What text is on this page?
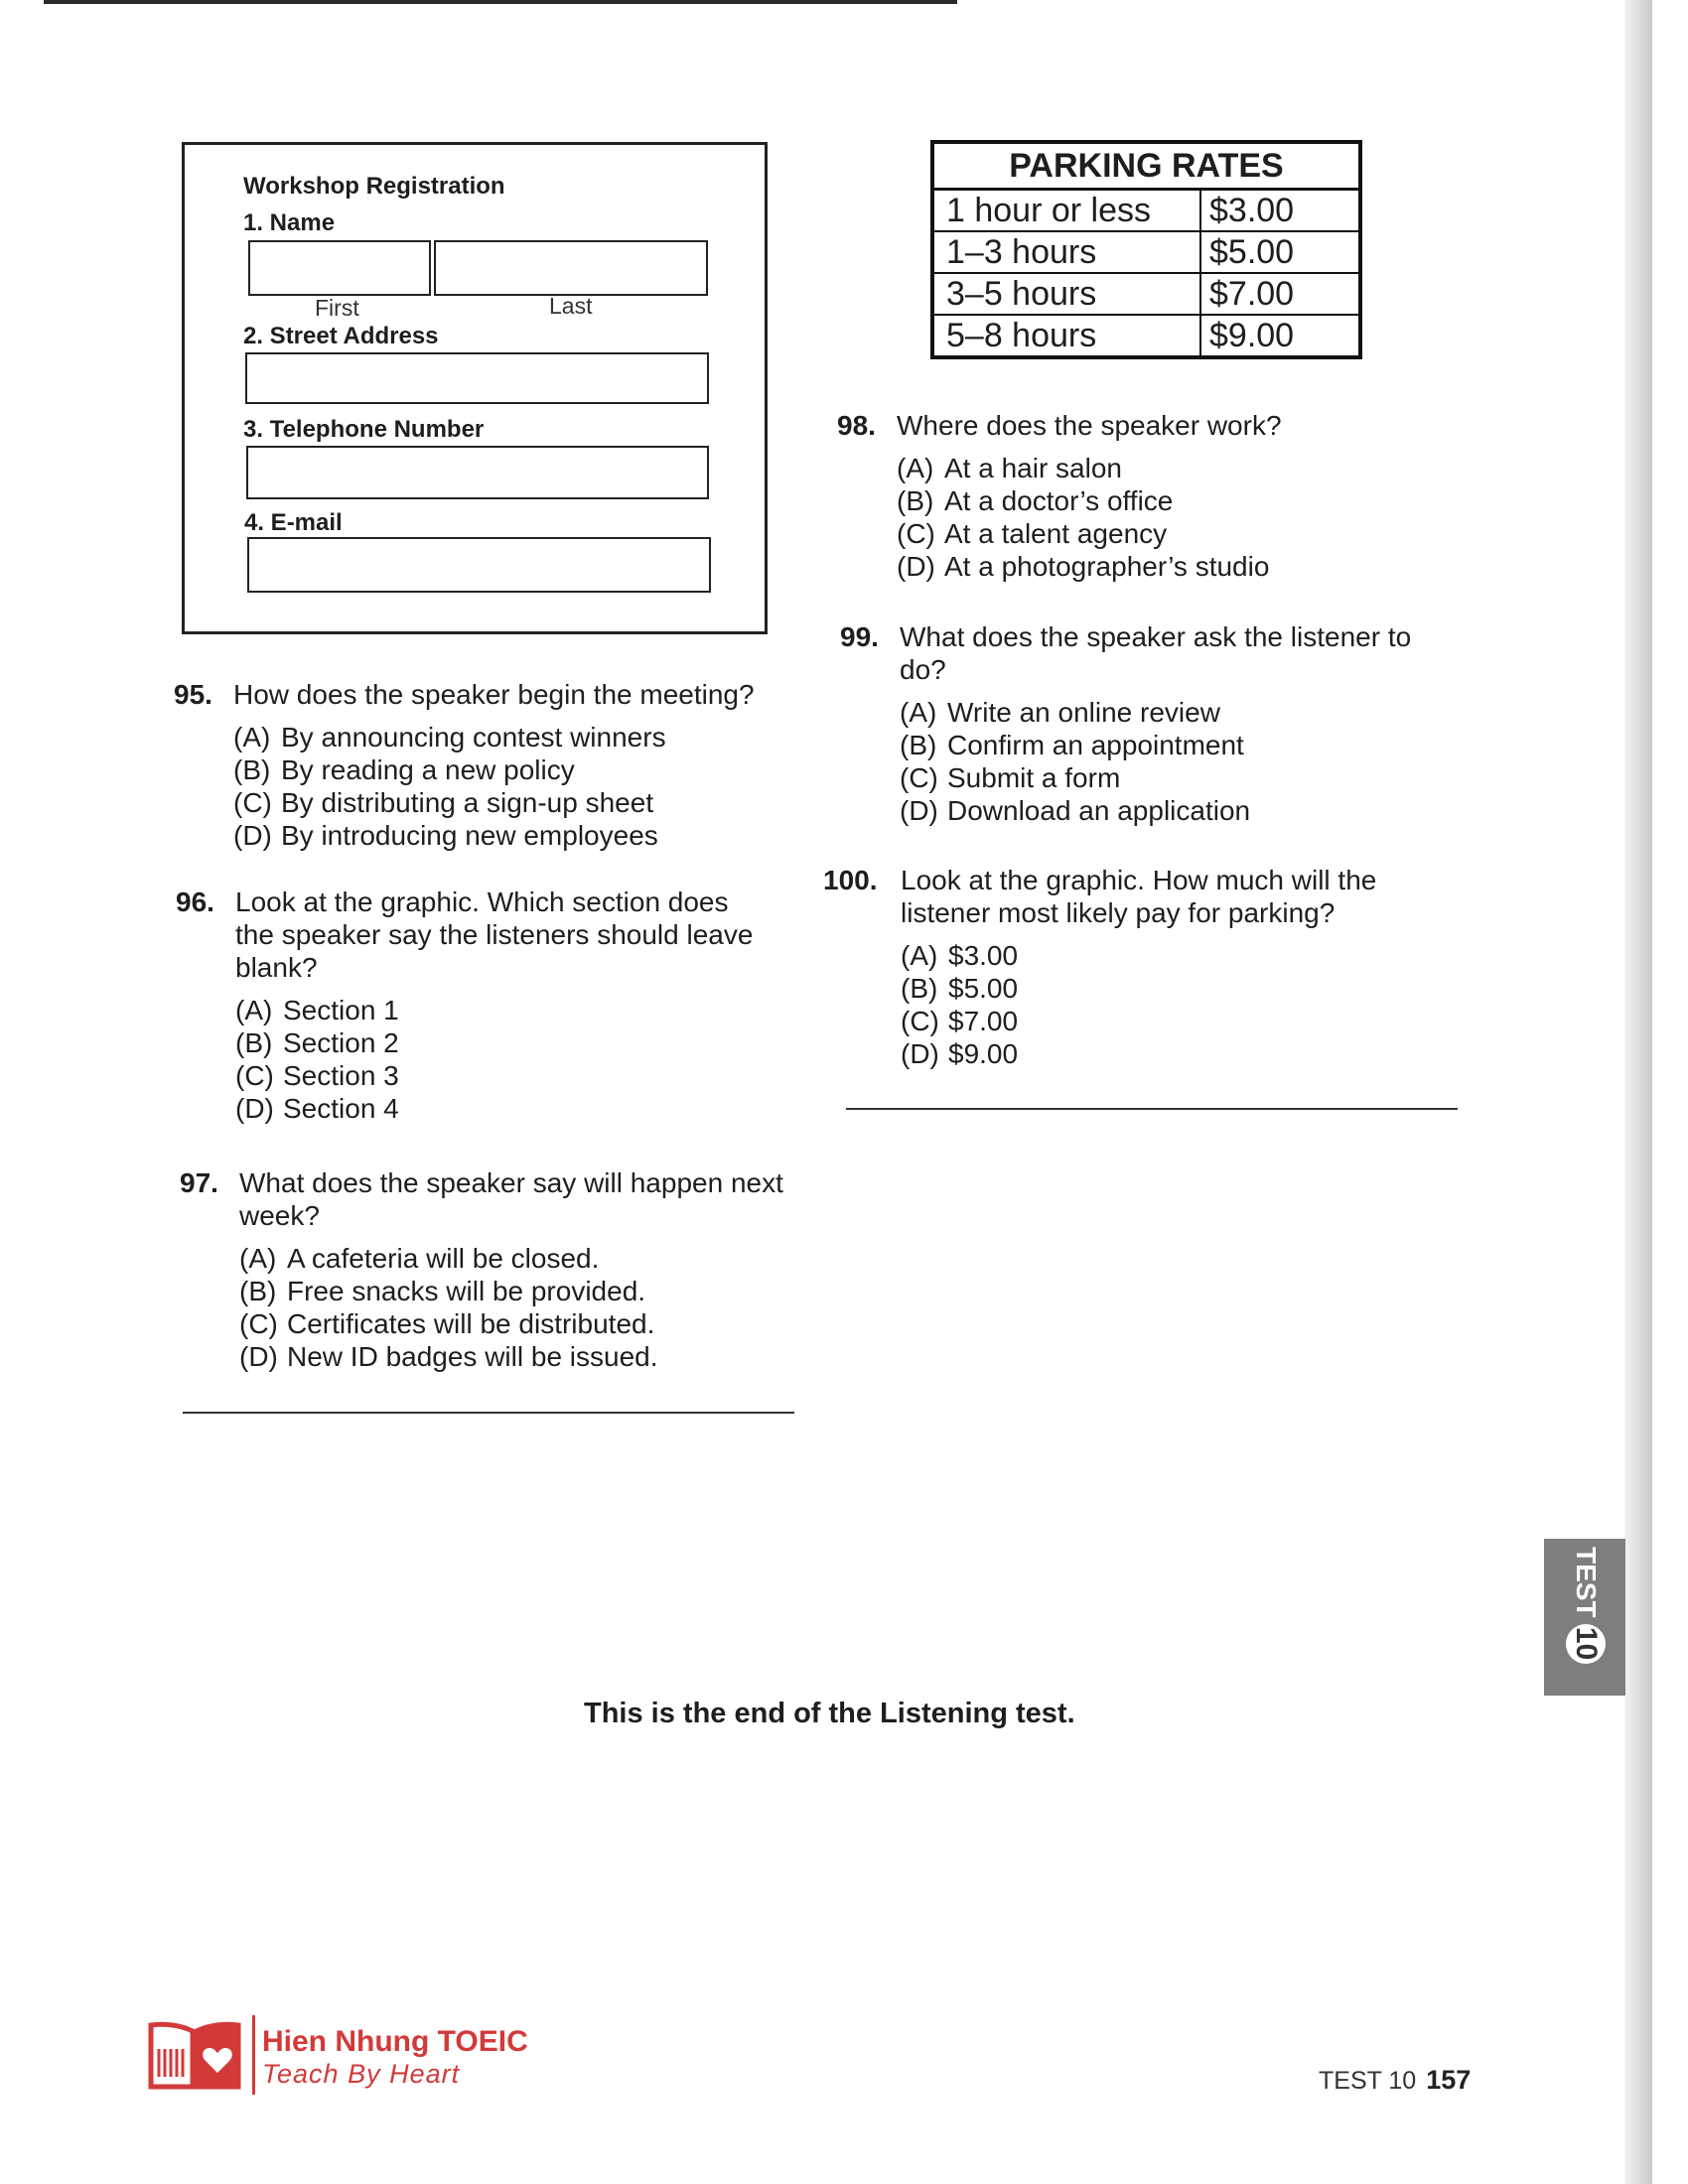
Workshop Registration
1. Name
First	Last
2. Street Address
3. Telephone Number
4. E-mail
PARKING RATES
1 hour or less	$3.00
1–3 hours	$5.00
3–5 hours	$7.00
5–8 hours	$9.00
95. How does the speaker begin the meeting?
(A) By announcing contest winners
(B) By reading a new policy
(C) By distributing a sign-up sheet
(D) By introducing new employees
96. Look at the graphic. Which section does the speaker say the listeners should leave blank?
(A) Section 1
(B) Section 2
(C) Section 3
(D) Section 4
97. What does the speaker say will happen next week?
(A) A cafeteria will be closed.
(B) Free snacks will be provided.
(C) Certificates will be distributed.
(D) New ID badges will be issued.
98. Where does the speaker work?
(A) At a hair salon
(B) At a doctor’s office
(C) At a talent agency
(D) At a photographer’s studio
99. What does the speaker ask the listener to do?
(A) Write an online review
(B) Confirm an appointment
(C) Submit a form
(D) Download an application
100. Look at the graphic. How much will the listener most likely pay for parking?
(A) $3.00
(B) $5.00
(C) $7.00
(D) $9.00
This is the end of the Listening test.
TEST
10
Hien Nhung TOEIC
Teach By Heart	TEST 10 157
